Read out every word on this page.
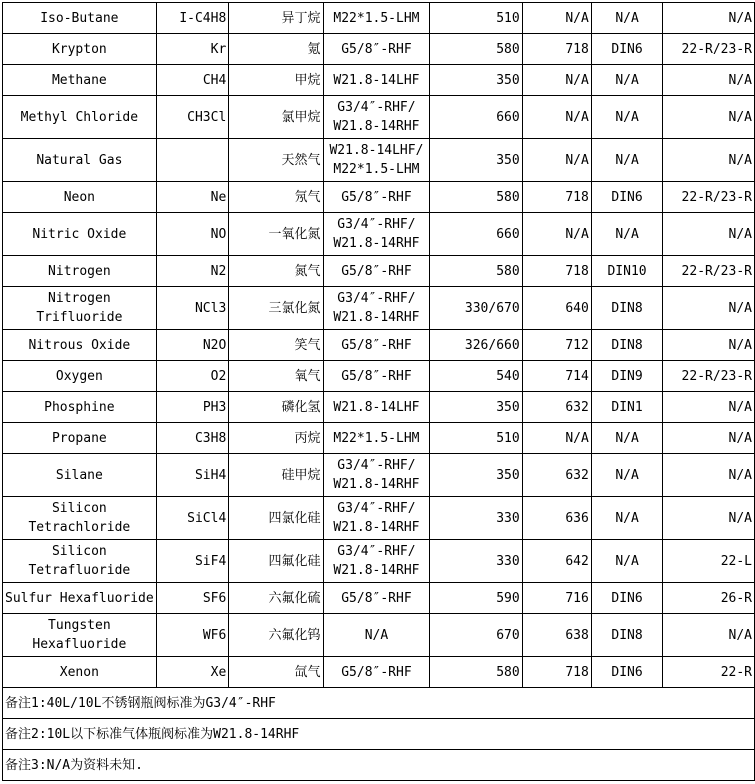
Iso-Butane	I-C4H8	异丁烷	M22*1.5-LHM	510	N/A	N/A	N/A

Krypton	Kr	氪	G5/8″-RHF	580	718	DIN6	22-R/23-R

Methane	CH4	甲烷	W21.8-14LHF	350	N/A	N/A	N/A

Methyl Chloride	CH3Cl	氯甲烷	G3/4″-RHF/
W21.8-14RHF	660	N/A	N/A	N/A

Natural Gas		天然气	W21.8-14LHF/
M22*1.5-LHM	350	N/A	N/A	N/A

Neon	Ne	氖气	G5/8″-RHF	580	718	DIN6	22-R/23-R

Nitric Oxide	NO	一氧化氮	G3/4″-RHF/
W21.8-14RHF	660	N/A	N/A	N/A

Nitrogen	N2	氮气	G5/8″-RHF	580	718	DIN10	22-R/23-R

Nitrogen
Trifluoride	NCl3	三氯化氮	G3/4″-RHF/
W21.8-14RHF	330/670	640	DIN8	N/A

Nitrous Oxide	N2O	笑气	G5/8″-RHF	326/660	712	DIN8	N/A

Oxygen	O2	氧气	G5/8″-RHF	540	714	DIN9	22-R/23-R

Phosphine	PH3	磷化氢	W21.8-14LHF	350	632	DIN1	N/A

Propane	C3H8	丙烷	M22*1.5-LHM	510	N/A	N/A	N/A

Silane	SiH4	硅甲烷	G3/4″-RHF/
W21.8-14RHF	350	632	N/A	N/A

Silicon
Tetrachloride	SiCl4	四氯化硅	G3/4″-RHF/
W21.8-14RHF	330	636	N/A	N/A

Silicon
Tetrafluoride	SiF4	四氟化硅	G3/4″-RHF/
W21.8-14RHF	330	642	N/A	22-L

Sulfur Hexafluoride	SF6	六氟化硫	G5/8″-RHF	590	716	DIN6	26-R

Tungsten
Hexafluoride	WF6	六氟化钨	N/A	670	638	DIN8	N/A

Xenon	Xe	氙气	G5/8″-RHF	580	718	DIN6	22-R
备注1:40L/10L不锈钢瓶阀标准为G3/4″-RHF							
备注2:10L以下标准气体瓶阀标准为W21.8-14RHF							
备注3:N/A为资料未知.							
